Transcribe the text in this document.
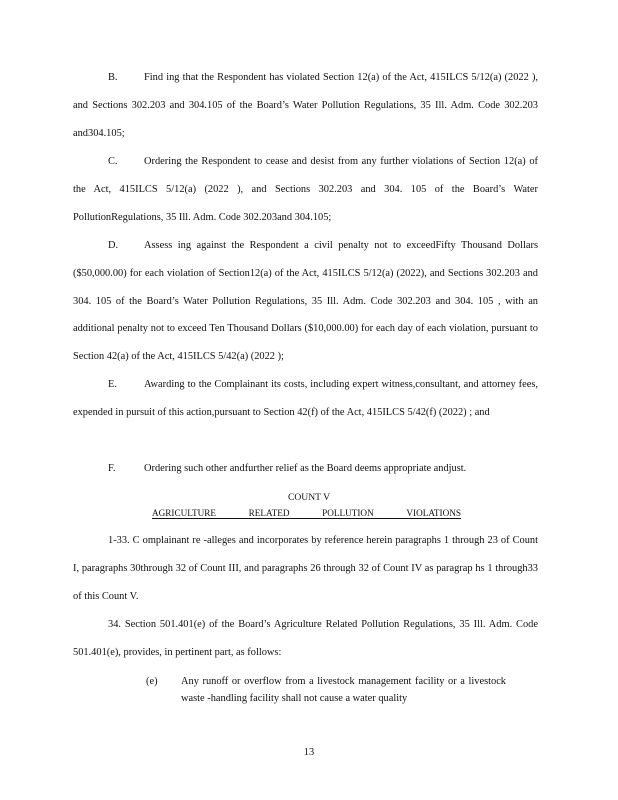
B.	Find ing that the Respondent has violated Section 12(a) of the Act, 415ILCS 5/12(a) (2022 ), and Sections 302.203 and 304.105 of the Board’s Water Pollution Regulations, 35 Ill. Adm. Code 302.203 and304.105;

C.	Ordering the Respondent to cease and desist from any further violations of Section 12(a) of the Act, 415ILCS 5/12(a) (2022 ), and Sections 302.203 and 304. 105 of the Board’s Water PollutionRegulations, 35 Ill. Adm. Code 302.203and 304.105;

D. Assess ing against the Respondent a civil penalty not to exceedFifty Thousand Dollars ($50,000.00) for each violation of Section12(a) of the Act, 415ILCS 5/12(a) (2022), and Sections 302.203 and 304. 105 of the Board’s Water Pollution Regulations, 35 Ill. Adm. Code 302.203 and 304. 105 , with an additional penalty not to exceed Ten Thousand Dollars ($10,000.00) for each day of each violation, pursuant to Section 42(a) of the Act, 415ILCS 5/42(a) (2022 );

E.	Awarding to the Complainant its costs, including expert witness,consultant, and attorney fees, expended in pursuit of this action,pursuant to Section 42(f) of the Act, 415ILCS 5/42(f) (2022) ; and

F.	Ordering such other andfurther relief as the Board deems appropriate andjust.

COUNT V
AGRICULTURE	RELATED	POLLUTION	VIOLATIONS

1-33. C omplainant re -alleges and incorporates by reference herein paragraphs 1 through 23 of Count I, paragraphs 30through 32 of Count III, and paragraphs 26 through 32 of Count IV as paragrap hs 1 through33 of this Count V.

34. Section 501.401(e) of the Board’s Agriculture Related Pollution Regulations, 35 Ill. Adm. Code 501.401(e), provides, in pertinent part, as follows:

(e) Any runoff or overflow from a livestock management facility or a livestock waste -handling facility shall not cause a water quality
13
